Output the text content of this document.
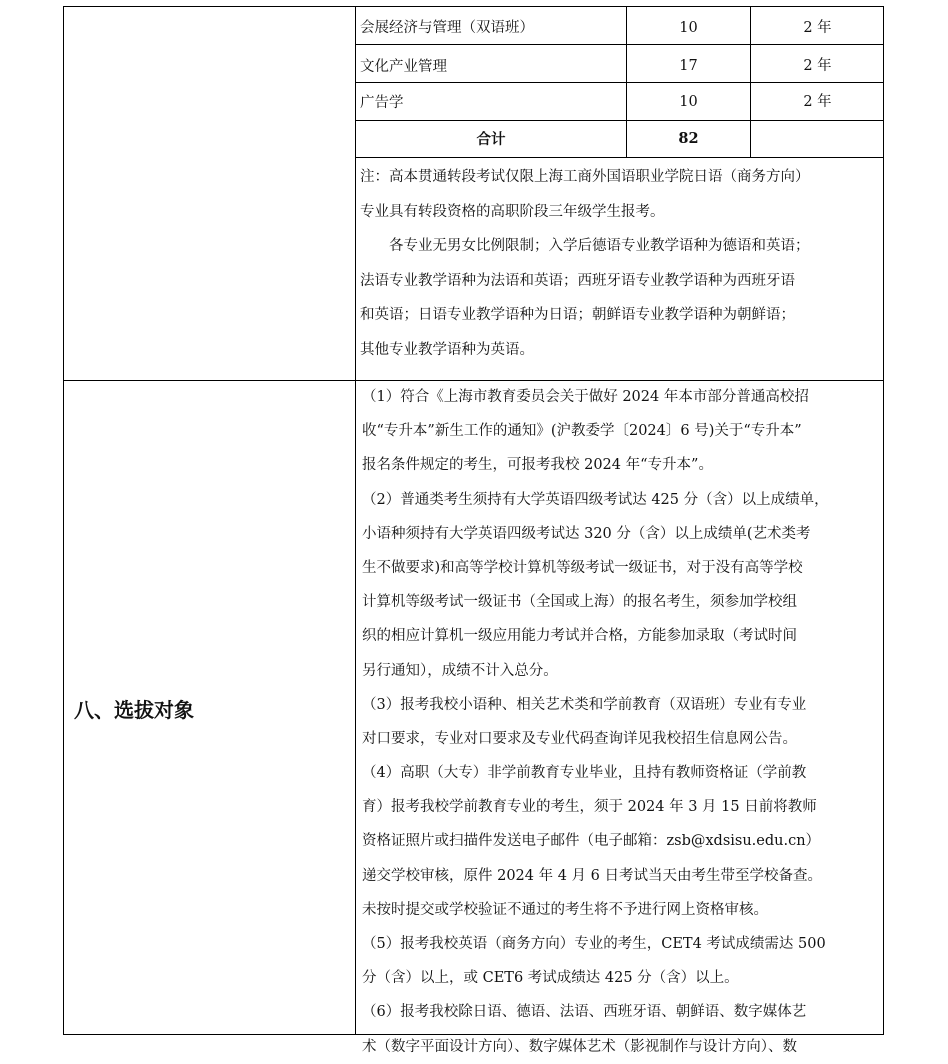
会展经济与管理（双语班）	10	2 年
文化产业管理	17	2 年
广告学	10	2 年
合计	82
注：高本贯通转段考试仅限上海工商外国语职业学院日语（商务方向）
专业具有转段资格的高职阶段三年级学生报考。
　　各专业无男女比例限制；入学后德语专业教学语种为德语和英语；
法语专业教学语种为法语和英语；西班牙语专业教学语种为西班牙语
和英语；日语专业教学语种为日语；朝鲜语专业教学语种为朝鲜语；
其他专业教学语种为英语。
八、选拔对象
（1）符合《上海市教育委员会关于做好 2024 年本市部分普通高校招
收“专升本”新生工作的通知》(沪教委学〔2024〕6 号)关于“专升本”
报名条件规定的考生，可报考我校 2024 年“专升本”。
（2）普通类考生须持有大学英语四级考试达 425 分（含）以上成绩单，
小语种须持有大学英语四级考试达 320 分（含）以上成绩单(艺术类考
生不做要求)和高等学校计算机等级考试一级证书，对于没有高等学校
计算机等级考试一级证书（全国或上海）的报名考生，须参加学校组
织的相应计算机一级应用能力考试并合格，方能参加录取（考试时间
另行通知），成绩不计入总分。
（3）报考我校小语种、相关艺术类和学前教育（双语班）专业有专业
对口要求，专业对口要求及专业代码查询详见我校招生信息网公告。
（4）高职（大专）非学前教育专业毕业，且持有教师资格证（学前教
育）报考我校学前教育专业的考生，须于 2024 年 3 月 15 日前将教师
资格证照片或扫描件发送电子邮件（电子邮箱：zsb@xdsisu.edu.cn）
递交学校审核，原件 2024 年 4 月 6 日考试当天由考生带至学校备查。
未按时提交或学校验证不通过的考生将不予进行网上资格审核。
（5）报考我校英语（商务方向）专业的考生，CET4 考试成绩需达 500
分（含）以上，或 CET6 考试成绩达 425 分（含）以上。
（6）报考我校除日语、德语、法语、西班牙语、朝鲜语、数字媒体艺
术（数字平面设计方向）、数字媒体艺术（影视制作与设计方向）、数
